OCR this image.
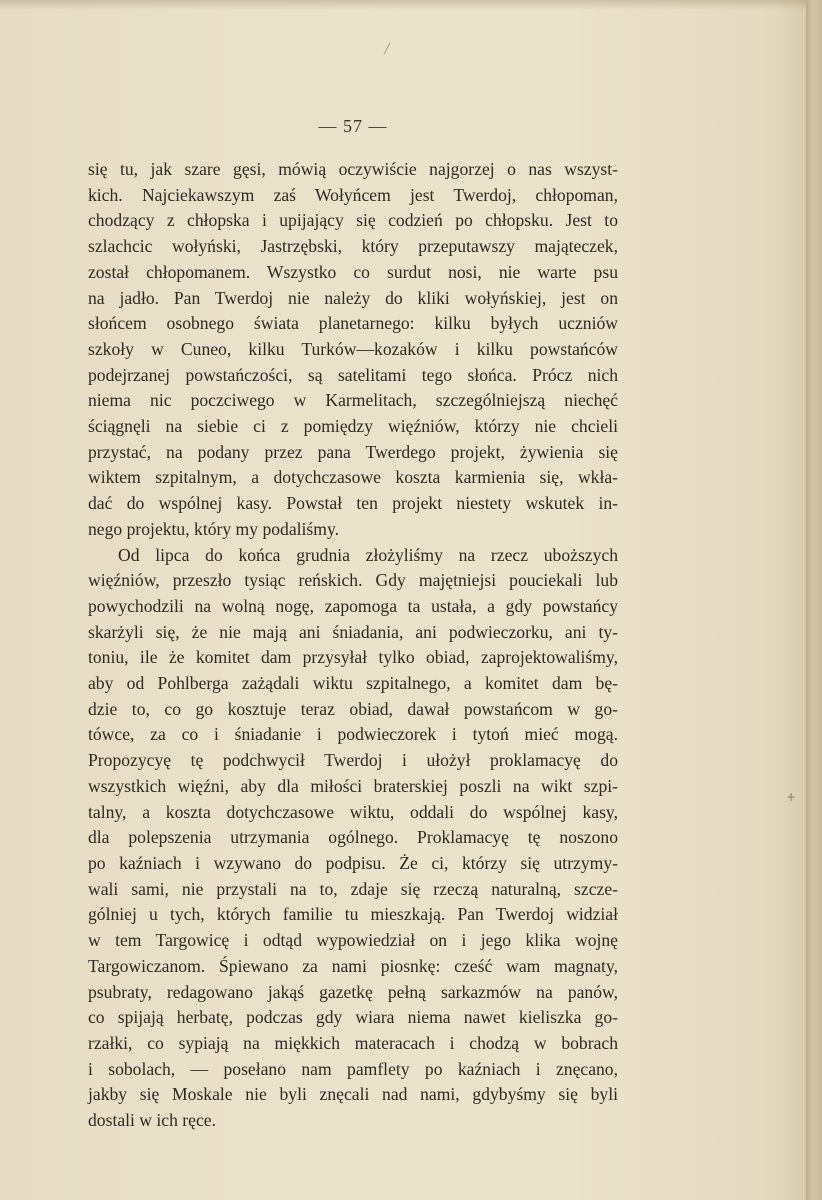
╱
— 57 —

się tu, jak szare gęsi, mówią oczywiście najgorzej o nas wszyst-

kich. Najciekawszym zaś Wołyńcem jest Twerdoj, chłopoman,

chodzący z chłopska i upijający się codzień po chłopsku. Jest to

szlachcic wołyński, Jastrzębski, który przeputawszy majątеczek,

został chłopomanem. Wszystko co surdut nosi, nie warte psu

na jadło. Pan Twerdoj nie należy do kliki wołyńskiej, jest on

słońcem osobnego świata planetarnego: kilku byłych uczniów

szkoły w Cuneo, kilku Turków—kozaków i kilku powstańców

podejrzanej powstańczości, są satelitami tego słońca. Prócz nich

niema nic poczciwego w Karmelitach, szczególniejszą niechęć

ściągnęli na siebie ci z pomiędzy więźniów, którzy nie chcieli

przystać, na podany przez pana Twerdego projekt, żywienia się

wiktem szpitalnym, a dotychczasowe koszta karmienia się, wkła-

dać do wspólnej kasy. Powstał ten projekt niestety wskutek in-

nego projektu, który my podaliśmy.

Od lipca do końca grudnia złożyliśmy na rzecz uboższych

więźniów, przeszło tysiąc reńskich. Gdy majętniejsi pouciekali lub

powychodzili na wolną nogę, zapomoga ta ustała, a gdy powstańcy

skarżyli się, że nie mają ani śniadania, ani podwieczorku, ani ty-

toniu, ile że komitet dam przysyłał tylko obiad, zaprojektowaliśmy,

aby od Pohlberga zażądali wiktu szpitalnego, a komitet dam bę-

dzie to, co go kosztuje teraz obiad, dawał powstańcom w go-

tówce, za co i śniadanie i podwieczorek i tytoń mieć mogą.

Propozycyę tę podchwycił Twerdoj i ułożył proklamacyę do

wszystkich więźni, aby dla miłości braterskiej poszli na wikt szpi-

talny, a koszta dotychczasowe wiktu, oddali do wspólnej kasy,

dla polepszenia utrzymania ogólnego. Proklamacyę tę noszono

po kaźniach i wzywano do podpisu. Że ci, którzy się utrzymy-

wali sami, nie przystali na to, zdaje się rzeczą naturalną, szcze-

gólniej u tych, których familie tu mieszkają. Pan Twerdoj widział

w tem Targowicę i odtąd wypowiedział on i jego klika wojnę

Targowiczanom. Śpiewano za nami piosnkę: cześć wam magnaty,

psubraty, redagowano jakąś gazetkę pełną sarkazmów na panów,

co spijają herbatę, podczas gdy wiara niema nawet kieliszka go-

rzałki, co sypiają na miękkich materacach i chodzą w bobrach

i sobolach, — posełano nam pamflety po kaźniach i znęcano,

jakby się Moskale nie byli znęcali nad nami, gdybyśmy się byli

dostali w ich ręce.

+
